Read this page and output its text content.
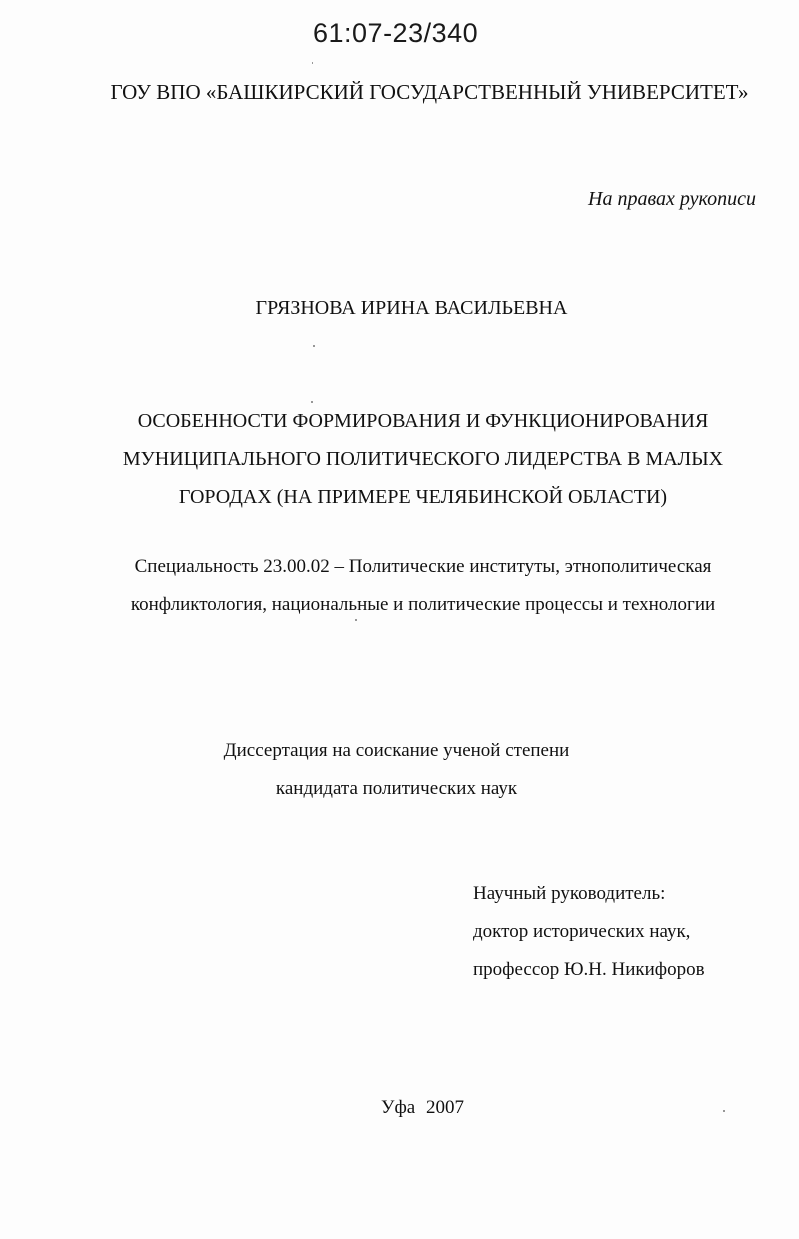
61:07-23/340
ГОУ ВПО «БАШКИРСКИЙ ГОСУДАРСТВЕННЫЙ УНИВЕРСИТЕТ»
На правах рукописи
ГРЯЗНОВА ИРИНА ВАСИЛЬЕВНА
ОСОБЕННОСТИ ФОРМИРОВАНИЯ И ФУНКЦИОНИРОВАНИЯ
МУНИЦИПАЛЬНОГО ПОЛИТИЧЕСКОГО ЛИДЕРСТВА В МАЛЫХ
ГОРОДАХ (НА ПРИМЕРЕ ЧЕЛЯБИНСКОЙ ОБЛАСТИ)
Специальность 23.00.02 – Политические институты, этнополитическая
конфликтология, национальные и политические процессы и технологии
Диссертация на соискание ученой степени
кандидата политических наук
Научный руководитель:
доктор исторических наук,
профессор Ю.Н. Никифоров
Уфа 2007
